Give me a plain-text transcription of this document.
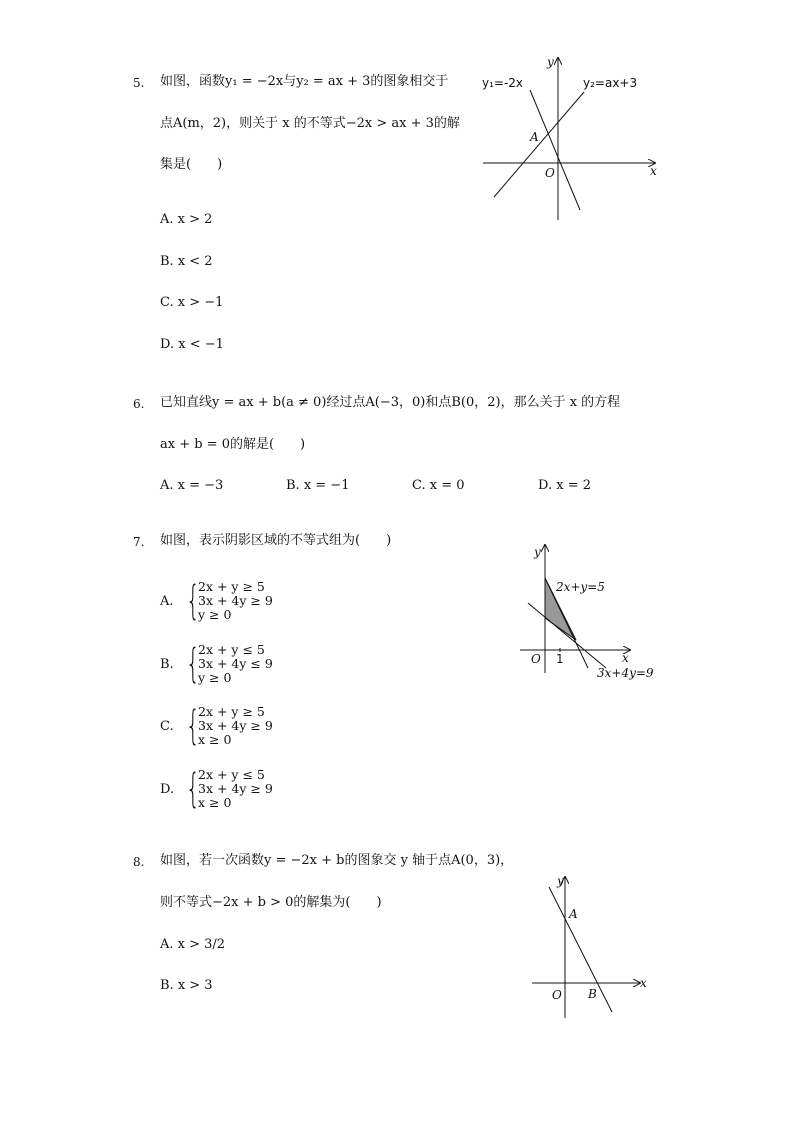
5. 如图，函数y₁ = −2x与y₂ = ax + 3的图象相交于
点A(m，2)，则关于 x 的不等式−2x > ax + 3的解
集是(　　)
A. x > 2
B. x < 2
C. x > −1
D. x < −1
y₁=-2x	y₂=ax+3
A
O	x
y
6. 已知直线y = ax + b(a ≠ 0)经过点A(−3，0)和点B(0，2)，那么关于 x 的方程
ax + b = 0的解是(　　)
A. x = −3	B. x = −1	C. x = 0	D. x = 2
7. 如图，表示阴影区域的不等式组为(　　)
A. {
2x + y ≥ 5
3x + 4y ≥ 9
y ≥ 0
B. {
2x + y ≤ 5
3x + 4y ≤ 9
y ≥ 0
C. {
2x + y ≥ 5
3x + 4y ≥ 9
x ≥ 0
D. {
2x + y ≤ 5
3x + 4y ≥ 9
x ≥ 0
2x+y=5
3x+4y=9
1
O	x
y
8. 如图，若一次函数y = −2x + b的图象交 y 轴于点A(0，3)，
则不等式−2x + b > 0的解集为(　　)
A. x > 3/2
B. x > 3
A
B
O
x
y
